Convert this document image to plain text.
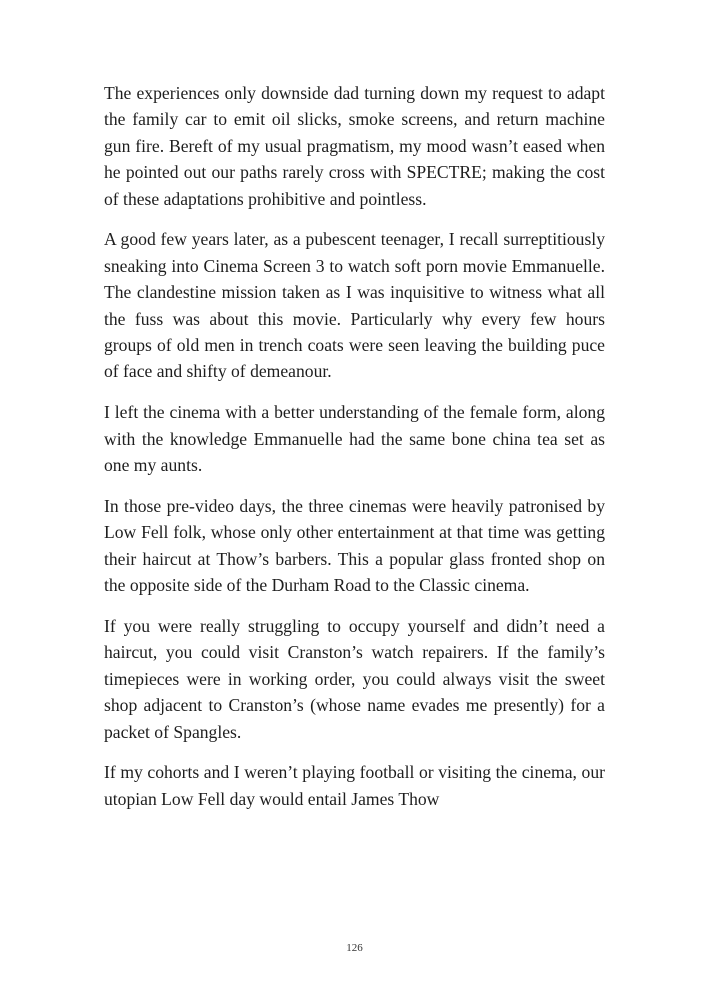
The experiences only downside dad turning down my request to adapt the family car to emit oil slicks, smoke screens, and return machine gun fire. Bereft of my usual pragmatism, my mood wasn’t eased when he pointed out our paths rarely cross with SPECTRE; making the cost of these adaptations prohibitive and pointless.

A good few years later, as a pubescent teenager, I recall surreptitiously sneaking into Cinema Screen 3 to watch soft porn movie Emmanuelle. The clandestine mission taken as I was inquisitive to witness what all the fuss was about this movie. Particularly why every few hours groups of old men in trench coats were seen leaving the building puce of face and shifty of demeanour.

I left the cinema with a better understanding of the female form, along with the knowledge Emmanuelle had the same bone china tea set as one my aunts.

In those pre-video days, the three cinemas were heavily patronised by Low Fell folk, whose only other entertainment at that time was getting their haircut at Thow’s barbers. This a popular glass fronted shop on the opposite side of the Durham Road to the Classic cinema.

If you were really struggling to occupy yourself and didn’t need a haircut, you could visit Cranston’s watch repairers. If the family’s timepieces were in working order, you could always visit the sweet shop adjacent to Cranston’s (whose name evades me presently) for a packet of Spangles.

If my cohorts and I weren’t playing football or visiting the cinema, our utopian Low Fell day would entail James Thow

126
